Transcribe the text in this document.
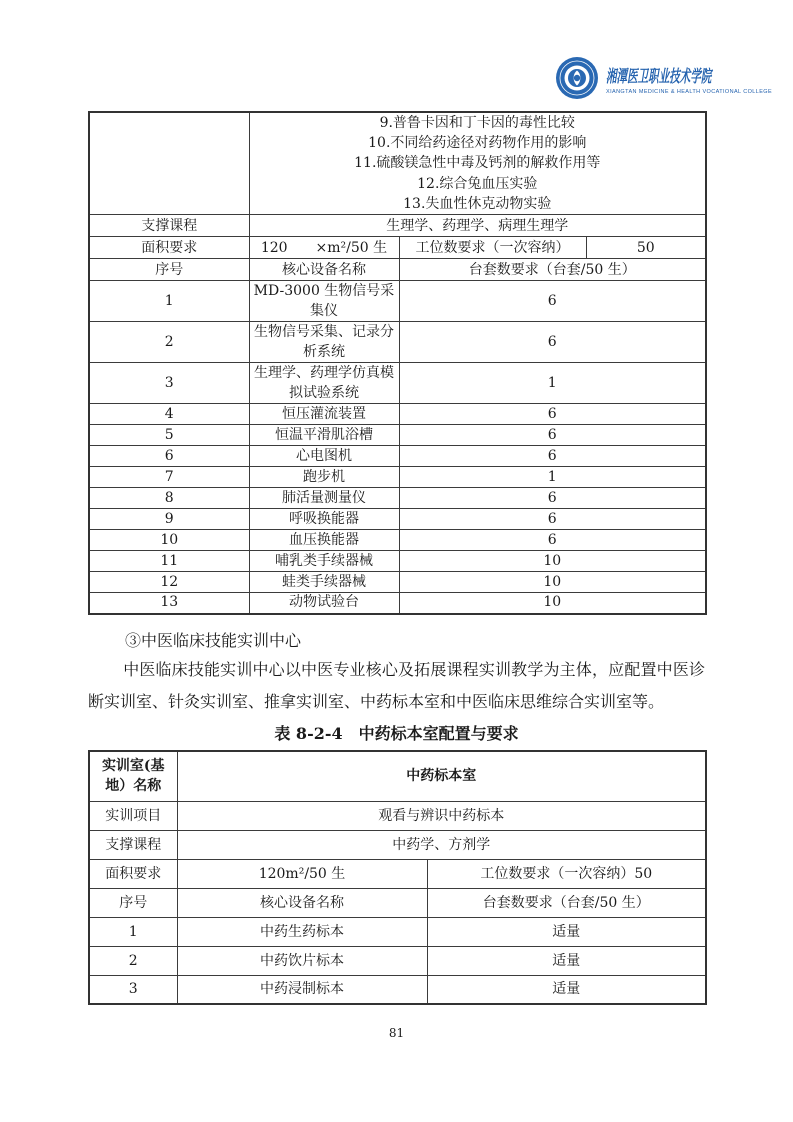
湘潭医卫职业技术学院
XIANGTAN MEDICINE & HEALTH VOCATIONAL COLLEGE

	9.普鲁卡因和丁卡因的毒性比较
10.不同给药途径对药物作用的影响
11.硫酸镁急性中毒及钙剂的解救作用等
12.综合兔血压实验
13.失血性休克动物实验		

支撑课程	生理学、药理学、病理生理学		
面积要求	120　　×m²/50 生	工位数要求（一次容纳）	50
序号	核心设备名称	台套数要求（台套/50 生）	
1	MD-3000 生物信号采集仪	6	
2	生物信号采集、记录分析系统	6	
3	生理学、药理学仿真模拟试验系统	1	
4	恒压灌流装置	6	
5	恒温平滑肌浴槽	6	
6	心电图机	6	
7	跑步机	1	
8	肺活量测量仪	6	
9	呼吸换能器	6	
10	血压换能器	6	
11	哺乳类手续器械	10	
12	蛙类手续器械	10	
13	动物试验台	10	
③中医临床技能实训中心
中医临床技能实训中心以中医专业核心及拓展课程实训教学为主体，应配置中医诊断实训室、针灸实训室、推拿实训室、中药标本室和中医临床思维综合实训室等。
表 8-2-4　中药标本室配置与要求
实训室(基地）名称	中药标本室	
实训项目	观看与辨识中药标本	
支撑课程	中药学、方剂学	
面积要求	120m²/50 生	工位数要求（一次容纳）50
序号	核心设备名称	台套数要求（台套/50 生）
1	中药生药标本	适量
2	中药饮片标本	适量
3	中药浸制标本	适量
81
